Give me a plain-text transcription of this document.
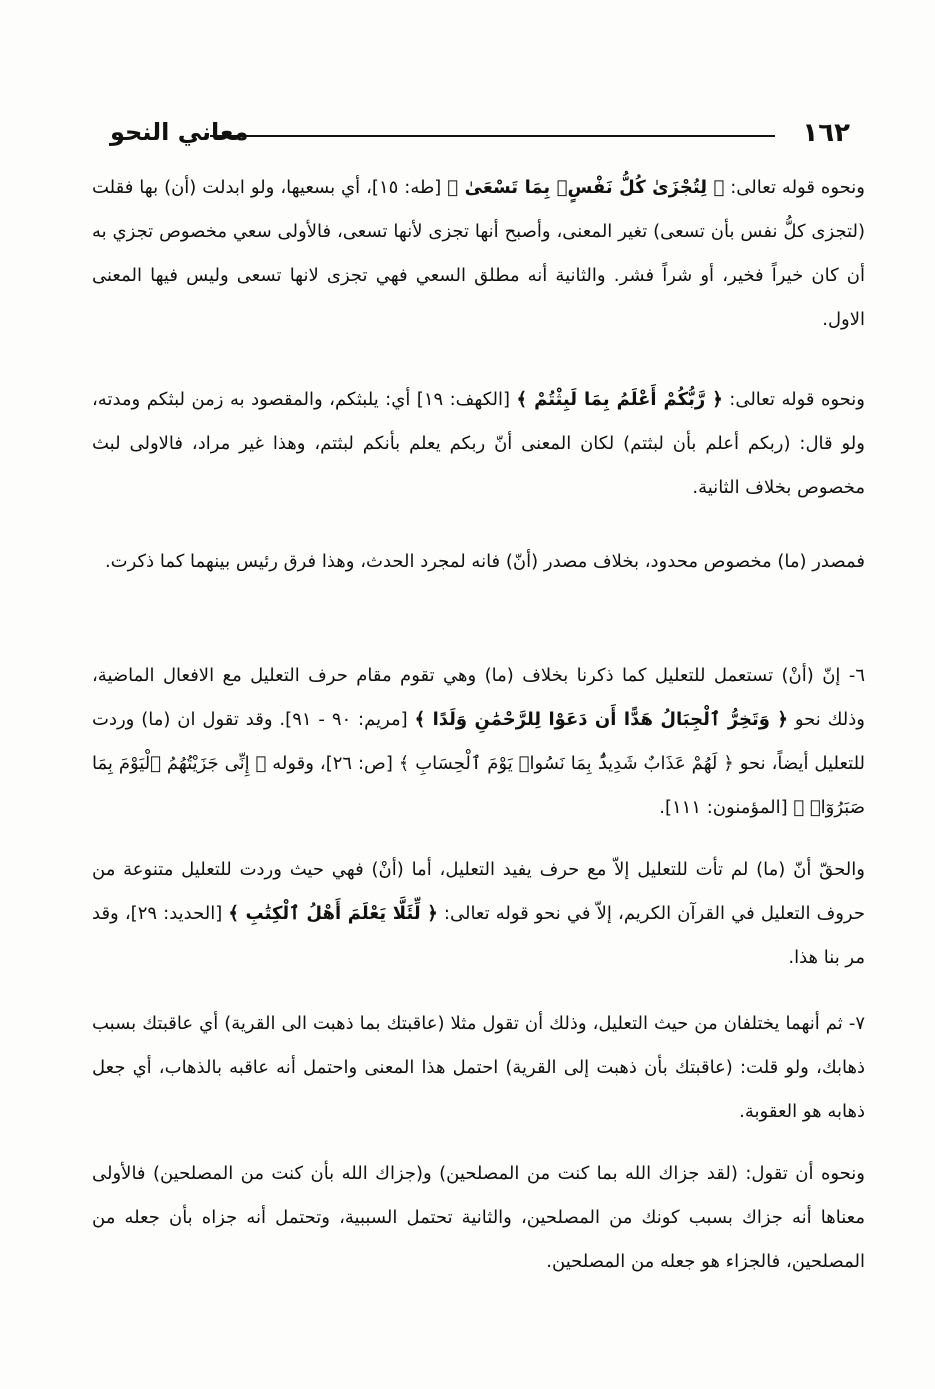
١٦٢
معاني النحو

ونحوه قوله تعالى: ﴿ لِتُجْزَىٰ كُلُّ نَفْسٍۭ بِمَا تَسْعَىٰ ﴾ [طه: ١٥]، أي بسعيها، ولو ابدلت (أن) بها فقلت (لتجزى كلُّ نفس بأن تسعى) تغير المعنى، وأصبح أنها تجزى لأنها تسعى، فالأولى سعي مخصوص تجزي به أن كان خيراً فخير، أو شراً فشر. والثانية أنه مطلق السعي فهي تجزى لانها تسعى وليس فيها المعنى الاول.

ونحوه قوله تعالى: ﴿ رَّبُّكُمْ أَعْلَمُ بِمَا لَبِثْتُمْ ﴾ [الكهف: ١٩] أي: يلبثكم، والمقصود به زمن لبثكم ومدته، ولو قال: (ربكم أعلم بأن لبثتم) لكان المعنى أنّ ربكم يعلم بأنكم لبثتم، وهذا غير مراد، فالاولى لبث مخصوص بخلاف الثانية.

فمصدر (ما) مخصوص محدود، بخلاف مصدر (أنّ) فانه لمجرد الحدث، وهذا فرق رئيس بينهما كما ذكرت.

٦- إنّ (أنْ) تستعمل للتعليل كما ذكرنا بخلاف (ما) وهي تقوم مقام حرف التعليل مع الافعال الماضية، وذلك نحو ﴿ وَتَخِرُّ ٱلْجِبَالُ هَدًّا أَن دَعَوْا لِلرَّحْمَٰنِ وَلَدًا ﴾ [مريم: ٩٠ - ٩١]. وقد تقول ان (ما) وردت للتعليل أيضاً، نحو ﴿ لَهُمْ عَذَابٌ شَدِيدٌۢ بِمَا نَسُوا۟ يَوْمَ ٱلْحِسَابِ ﴾ [ص: ٢٦]، وقوله ﴿ إِنِّى جَزَيْتُهُمُ ٱلْيَوْمَ بِمَا صَبَرُوٓا۟ ﴾ [المؤمنون: ١١١].

والحقّ أنّ (ما) لم تأت للتعليل إلاّ مع حرف يفيد التعليل، أما (أنْ) فهي حيث وردت للتعليل متنوعة من حروف التعليل في القرآن الكريم، إلاّ في نحو قوله تعالى: ﴿ لِّئَلَّا يَعْلَمَ أَهْلُ ٱلْكِتَٰبِ ﴾ [الحديد: ٢٩]، وقد مر بنا هذا.

٧- ثم أنهما يختلفان من حيث التعليل، وذلك أن تقول مثلا (عاقبتك بما ذهبت الى القرية) أي عاقبتك بسبب ذهابك، ولو قلت: (عاقبتك بأن ذهبت إلى القرية) احتمل هذا المعنى واحتمل أنه عاقبه بالذهاب، أي جعل ذهابه هو العقوبة.

ونحوه أن تقول: (لقد جزاك الله بما كنت من المصلحين) و(جزاك الله بأن كنت من المصلحين) فالأولى معناها أنه جزاك بسبب كونك من المصلحين، والثانية تحتمل السببية، وتحتمل أنه جزاه بأن جعله من المصلحين، فالجزاء هو جعله من المصلحين.
